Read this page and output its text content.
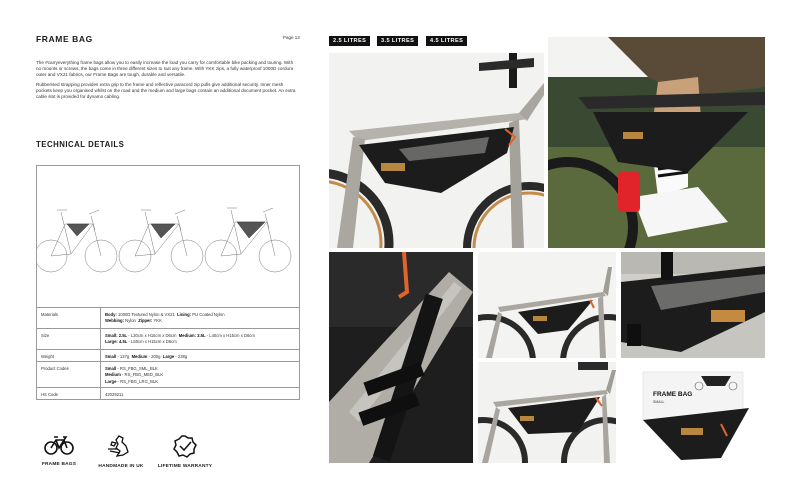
FRAME BAG	Page 13

The #carryeverything frame bags allow you to easily increase the load you carry for comfortable bike packing and touring. With no mounts or screws, the bags come in three different sizes to suit any frame. With YKK zips, a fully waterproof 1000D cordura outer and VX21 fabrics, our Frame Bags are tough, durable and versatile.

Rubberised strapping provides extra grip to the frame and reflective paracord zip pulls give additional security. Inner mesh pockets keep you organised whilst on the road and the medium and large bags contain an additional document pocket. An extra cable slot is provided for dynamo cabling.

TECHNICAL DETAILS
Materials	Body: 1000D Textured Nylon & VX21 Lining: PU Coated Nylon
Webbing: Nylon Zipper: YKK
Size	Small: 2.5L - L30cm x H15cm x D6cm Medium: 3.5L - L40cm x H15cm x D6cm
Large: 4.5L - L50cm x H15cm x D6cm
Weight	Small - 137g Medium - 200g Large - 238g
Product Codes	Small - RS_FBG_SML_BLK
Medium - RS_FBG_MED_BLK
Large - RS_FBG_LRG_BLK
HS Code	42029211
FRAME BAGS	HANDMADE IN UK	LIFETIME WARRANTY
2.5 LITRES	3.5 LITRES	4.5 LITRES
FRAME BAG
SMALL
